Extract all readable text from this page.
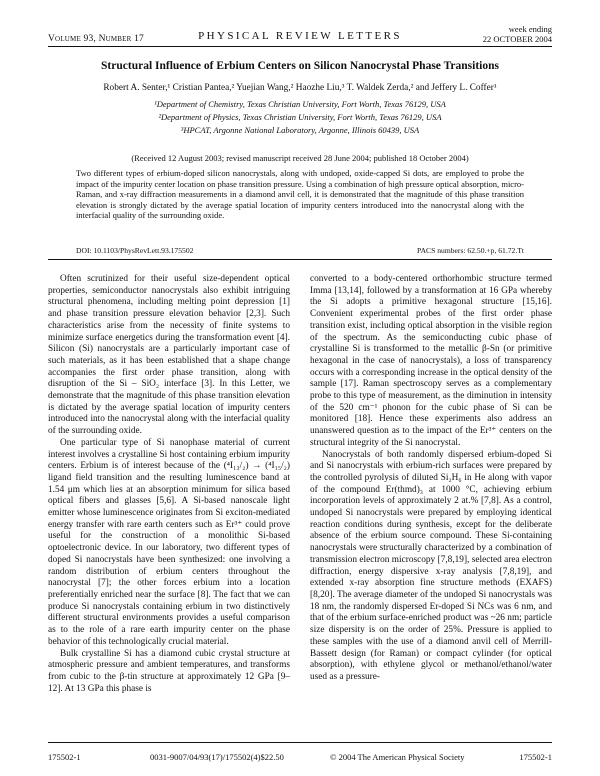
Volume 93, Number 17	PHYSICAL REVIEW LETTERS
week ending
22 OCTOBER 2004
Structural Influence of Erbium Centers on Silicon Nanocrystal Phase Transitions
Robert A. Senter,¹ Cristian Pantea,² Yuejian Wang,² Haozhe Liu,³ T. Waldek Zerda,² and Jeffery L. Coffer¹
¹Department of Chemistry, Texas Christian University, Fort Worth, Texas 76129, USA
²Department of Physics, Texas Christian University, Fort Worth, Texas 76129, USA
³HPCAT, Argonne National Laboratory, Argonne, Illinois 60439, USA
(Received 12 August 2003; revised manuscript received 28 June 2004; published 18 October 2004)
Two different types of erbium-doped silicon nanocrystals, along with undoped, oxide-capped Si dots, are employed to probe the impact of the impurity center location on phase transition pressure. Using a combination of high pressure optical absorption, micro-Raman, and x-ray diffraction measurements in a diamond anvil cell, it is demonstrated that the magnitude of this phase transition elevation is strongly dictated by the average spatial location of impurity centers introduced into the nanocrystal along with the interfacial quality of the surrounding oxide.
DOI: 10.1103/PhysRevLett.93.175502	PACS numbers: 62.50.+p, 61.72.Tt

Often scrutinized for their useful size-dependent optical properties, semiconductor nanocrystals also exhibit intriguing structural phenomena, including melting point depression [1] and phase transition pressure elevation behavior [2,3]. Such characteristics arise from the necessity of finite systems to minimize surface energetics during the transformation event [4]. Silicon (Si) nanocrystals are a particularly important case of such materials, as it has been established that a shape change accompanies the first order phase transition, along with disruption of the Si – SiO₂ interface [3]. In this Letter, we demonstrate that the magnitude of this phase transition elevation is dictated by the average spatial location of impurity centers introduced into the nanocrystal along with the interfacial quality of the surrounding oxide.

One particular type of Si nanophase material of current interest involves a crystalline Si host containing erbium impurity centers. Erbium is of interest because of the (⁴I₁₃/₂) → (⁴I₁₅/₂) ligand field transition and the resulting luminescence band at 1.54 μm which lies at an absorption minimum for silica based optical fibers and glasses [5,6]. A Si-based nanoscale light emitter whose luminescence originates from Si exciton-mediated energy transfer with rare earth centers such as Er³⁺ could prove useful for the construction of a monolithic Si-based optoelectronic device. In our laboratory, two different types of doped Si nanocrystals have been synthesized: one involving a random distribution of erbium centers throughout the nanocrystal [7]; the other forces erbium into a location preferentially enriched near the surface [8]. The fact that we can produce Si nanocrystals containing erbium in two distinctively different structural environments provides a useful comparison as to the role of a rare earth impurity center on the phase behavior of this technologically crucial material.

Bulk crystalline Si has a diamond cubic crystal structure at atmospheric pressure and ambient temperatures, and transforms from cubic to the β-tin structure at approximately 12 GPa [9–12]. At 13 GPa this phase is

converted to a body-centered orthorhombic structure termed Imma [13,14], followed by a transformation at 16 GPa whereby the Si adopts a primitive hexagonal structure [15,16]. Convenient experimental probes of the first order phase transition exist, including optical absorption in the visible region of the spectrum. As the semiconducting cubic phase of crystalline Si is transformed to the metallic β-Sn (or primitive hexagonal in the case of nanocrystals), a loss of transparency occurs with a corresponding increase in the optical density of the sample [17]. Raman spectroscopy serves as a complementary probe to this type of measurement, as the diminution in intensity of the 520 cm⁻¹ phonon for the cubic phase of Si can be monitored [18]. Hence these experiments also address an unanswered question as to the impact of the Er³⁺ centers on the structural integrity of the Si nanocrystal.

Nanocrystals of both randomly dispersed erbium-doped Si and Si nanocrystals with erbium-rich surfaces were prepared by the controlled pyrolysis of diluted Si₂H₆ in He along with vapor of the compound Er(thmd)₃ at 1000 °C, achieving erbium incorporation levels of approximately 2 at.% [7,8]. As a control, undoped Si nanocrystals were prepared by employing identical reaction conditions during synthesis, except for the deliberate absence of the erbium source compound. These Si-containing nanocrystals were structurally characterized by a combination of transmission electron microscopy [7,8,19], selected area electron diffraction, energy dispersive x-ray analysis [7,8,19], and extended x-ray absorption fine structure methods (EXAFS) [8,20]. The average diameter of the undoped Si nanocrystals was 18 nm, the randomly dispersed Er-doped Si NCs was 6 nm, and that of the erbium surface-enriched product was ~26 nm; particle size dispersity is on the order of 25%. Pressure is applied to these samples with the use of a diamond anvil cell of Merrill-Bassett design (for Raman) or compact cylinder (for optical absorption), with ethylene glycol or methanol/ethanol/water used as a pressure-

175502-1	0031-9007/04/93(17)/175502(4)$22.50	© 2004 The American Physical Society	175502-1
